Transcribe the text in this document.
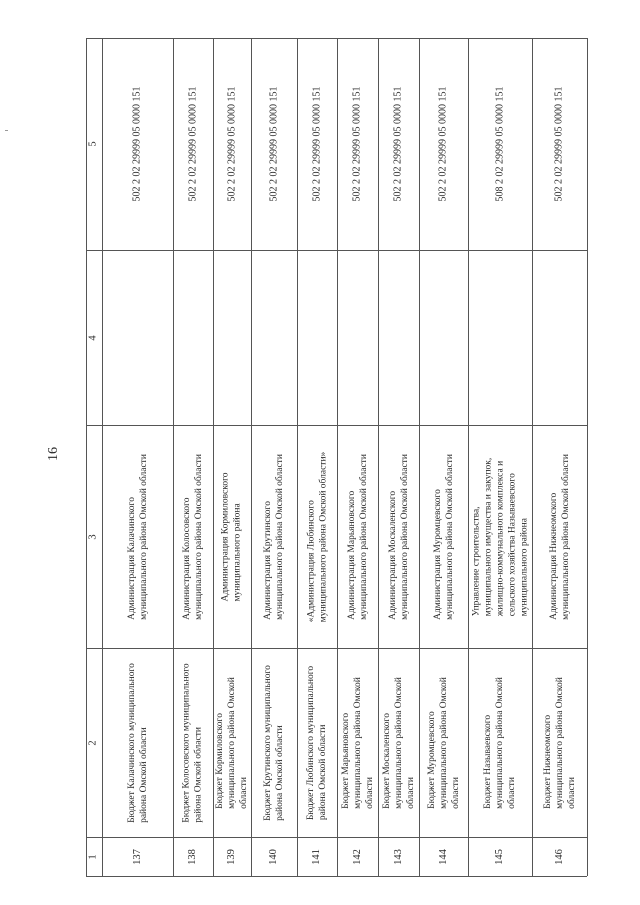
16
1
2
3
4
5
137
Бюджет Калачинского муниципального района Омской области
Администрация Калачинского муниципального района Омской области
502 2 02 29999 05 0000 151
138
Бюджет Колосовского муниципального района Омской области
Администрация Колосовского муниципального района Омской области
502 2 02 29999 05 0000 151
139
Бюджет Кормиловского муниципального района Омской области
Администрация Кормиловского муниципального района
502 2 02 29999 05 0000 151
140
Бюджет Крутинского муниципального района Омской области
Администрация Крутинского муниципального района Омской области
502 2 02 29999 05 0000 151
141
Бюджет Любинского муниципального района Омской области
«Администрация Любинского муниципального района Омской области»
502 2 02 29999 05 0000 151
142
Бюджет Марьяновского муниципального района Омской области
Администрация Марьяновского муниципального района Омской области
502 2 02 29999 05 0000 151
143
Бюджет Москаленского муниципального района Омской области
Администрация Москаленского муниципального района Омской области
502 2 02 29999 05 0000 151
144
Бюджет Муромцевского муниципального района Омской области
Администрация Муромцевского муниципального района Омской области
502 2 02 29999 05 0000 151
145
Бюджет Называевского муниципального района Омской области
Управление строительства, муниципального имущества и закупок, жилищно-коммунального комплекса и сельского хозяйства Называевского муниципального района
508 2 02 29999 05 0000 151
146
Бюджет Нижнеомского муниципального района Омской области
Администрация Нижнеомского муниципального района Омской области
502 2 02 29999 05 0000 151
